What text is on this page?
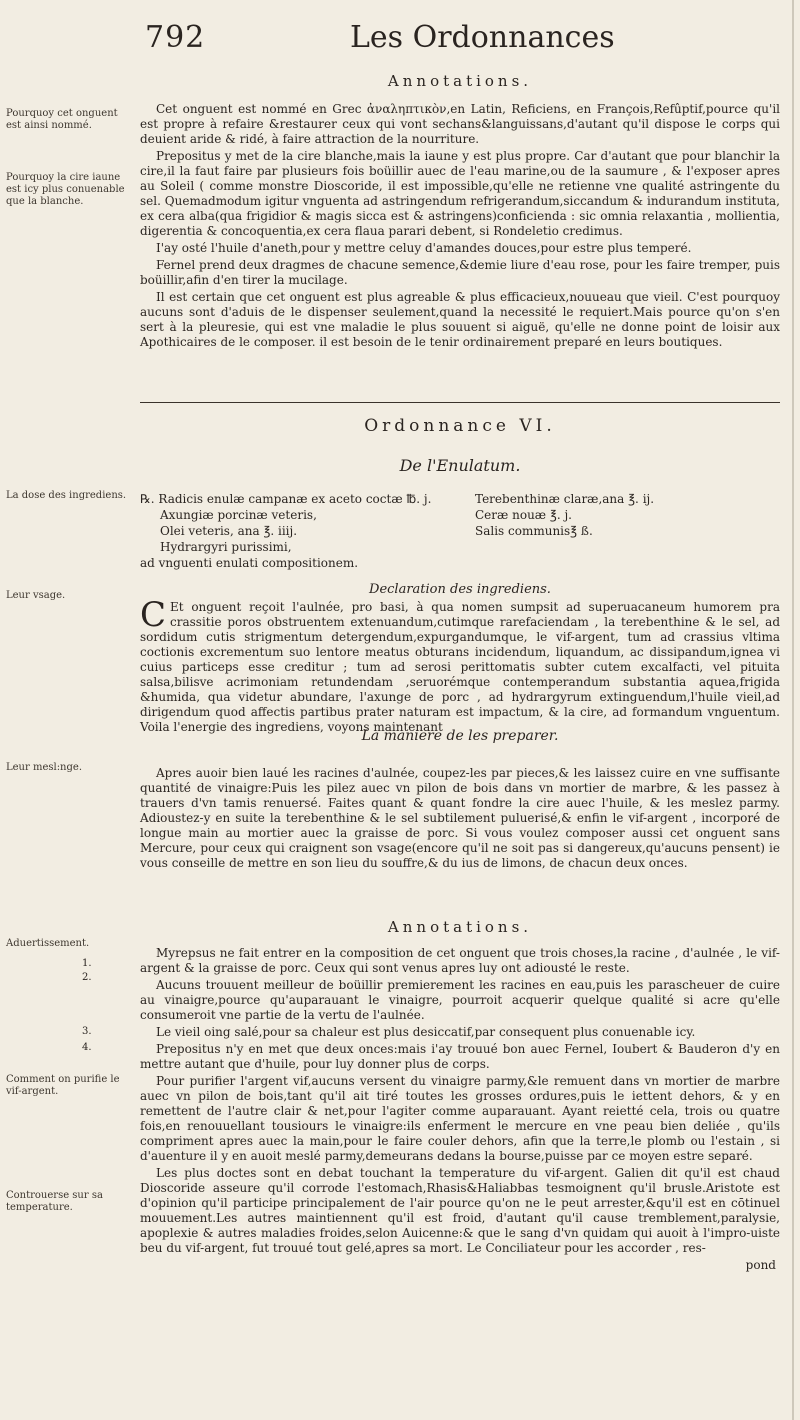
792	Les Ordonnances
Annotations.
Pourquoy cet onguent est ainsi nommé.
Pourquoy la cire iaune est icy plus conuenable que la blanche.

Cet onguent est nommé en Grec ἀναληπτικὸν,en Latin, Reficiens, en François,Refûptif,pource qu'il est propre à refaire &restaurer ceux qui vont sechans&languissans,d'autant qu'il dispose le corps qui deuient aride & ridé, à faire attraction de la nourriture.

Prepositus y met de la cire blanche,mais la iaune y est plus propre. Car d'autant que pour blanchir la cire,il la faut faire par plusieurs fois boüillir auec de l'eau marine,ou de la saumure , & l'exposer apres au Soleil ( comme monstre Dioscoride, il est impossible,qu'elle ne retienne vne qualité astringente du sel. Quemadmodum igitur vnguenta ad astringendum refrigerandum,siccandum & indurandum instituta, ex cera alba(qua frigidior & magis sicca est & astringens)conficienda : sic omnia relaxantia , mollientia, digerentia & concoquentia,ex cera flaua parari debent, si Rondeletio credimus.

I'ay osté l'huile d'aneth,pour y mettre celuy d'amandes douces,pour estre plus temperé.

Fernel prend deux dragmes de chacune semence,&demie liure d'eau rose, pour les faire tremper, puis boüillir,afin d'en tirer la mucilage.

Il est certain que cet onguent est plus agreable & plus efficacieux,nouueau que vieil. C'est pourquoy aucuns sont d'aduis de le dispenser seulement,quand la necessité le requiert.Mais pource qu'on s'en sert à la pleuresie, qui est vne maladie le plus souuent si aiguë, qu'elle ne donne point de loisir aux Apothicaires de le composer. il est besoin de le tenir ordinairement preparé en leurs boutiques.

Ordonnance VI.
De l'Enulatum.
La dose des ingrediens.
Leur vsage.
Leur mesl:nge.
℞. Radicis enulæ campanæ ex aceto coctæ ℔. j.	Terebenthinæ claræ,ana ℥. ij.
Axungiæ porcinæ veteris,	Ceræ nouæ ℥. j.
Olei veteris, ana ℥. iiij.	Salis communis℥ ß.
Hydrargyri purissimi,
ad vnguenti enulati compositionem.
Declaration des ingrediens.
C Et onguent reçoit l'aulnée, pro basi, à qua nomen sumpsit ad superuacaneum humorem pra crassitie poros obstruentem extenuandum,cutimque rarefaciendam , la terebenthine & le sel, ad sordidum cutis strigmentum detergendum,expurgandumque, le vif-argent, tum ad crassius vltima coctionis excrementum suo lentore meatus obturans incidendum, liquandum, ac dissipandum,ignea vi cuius particeps esse creditur ; tum ad serosi perittomatis subter cutem excalfacti, vel pituita salsa,bilisve acrimoniam retundendam ,seruorémque contemperandum substantia aquea,frigida &humida, qua videtur abundare, l'axunge de porc , ad hydrargyrum extinguendum,l'huile vieil,ad dirigendum quod affectis partibus prater naturam est impactum, & la cire, ad formandum vnguentum. Voila l'energie des ingrediens, voyons maintenant
La maniere de les preparer.

Apres auoir bien laué les racines d'aulnée, coupez-les par pieces,& les laissez cuire en vne suffisante quantité de vinaigre:Puis les pilez auec vn pilon de bois dans vn mortier de marbre, & les passez à trauers d'vn tamis renuersé. Faites quant & quant fondre la cire auec l'huile, & les meslez parmy. Adioustez-y en suite la terebenthine & le sel subtilement puluerisé,& enfin le vif-argent , incorporé de longue main au mortier auec la graisse de porc. Si vous voulez composer aussi cet onguent sans Mercure, pour ceux qui craignent son vsage(encore qu'il ne soit pas si dangereux,qu'aucuns pensent) ie vous conseille de mettre en son lieu du souffre,& du ius de limons, de chacun deux onces.

Annotations.
Aduertissement.
Comment on purifie le vif-argent.
Controuerse sur sa temperature.
1.
2.
3.
4.

Myrepsus ne fait entrer en la composition de cet onguent que trois choses,la racine , d'aulnée , le vif-argent & la graisse de porc. Ceux qui sont venus apres luy ont adiousté le reste.

Aucuns trouuent meilleur de boüillir premierement les racines en eau,puis les parascheuer de cuire au vinaigre,pource qu'auparauant le vinaigre, pourroit acquerir quelque qualité si acre qu'elle consumeroit vne partie de la vertu de l'aulnée.

Le vieil oing salé,pour sa chaleur est plus desiccatif,par consequent plus conuenable icy.

Prepositus n'y en met que deux onces:mais i'ay trouué bon auec Fernel, Ioubert & Bauderon d'y en mettre autant que d'huile, pour luy donner plus de corps.

Pour purifier l'argent vif,aucuns versent du vinaigre parmy,&le remuent dans vn mortier de marbre auec vn pilon de bois,tant qu'il ait tiré toutes les grosses ordures,puis le iettent dehors, & y en remettent de l'autre clair & net,pour l'agiter comme auparauant. Ayant reietté cela, trois ou quatre fois,en renouuellant tousiours le vinaigre:ils enferment le mercure en vne peau bien deliée , qu'ils compriment apres auec la main,pour le faire couler dehors, afin que la terre,le plomb ou l'estain , si d'auenture il y en auoit meslé parmy,demeurans dedans la bourse,puisse par ce moyen estre separé.

Les plus doctes sont en debat touchant la temperature du vif-argent. Galien dit qu'il est chaud Dioscoride asseure qu'il corrode l'estomach,Rhasis&Haliabbas tesmoignent qu'il brusle.Aristote est d'opinion qu'il participe principalement de l'air pource qu'on ne le peut arrester,&qu'il est en cōtinuel mouuement.Les autres maintiennent qu'il est froid, d'autant qu'il cause tremblement,paralysie, apoplexie & autres maladies froides,selon Auicenne:& que le sang d'vn quidam qui auoit à l'impro-uiste beu du vif-argent, fut trouué tout gelé,apres sa mort. Le Conciliateur pour les accorder , res-

pond
